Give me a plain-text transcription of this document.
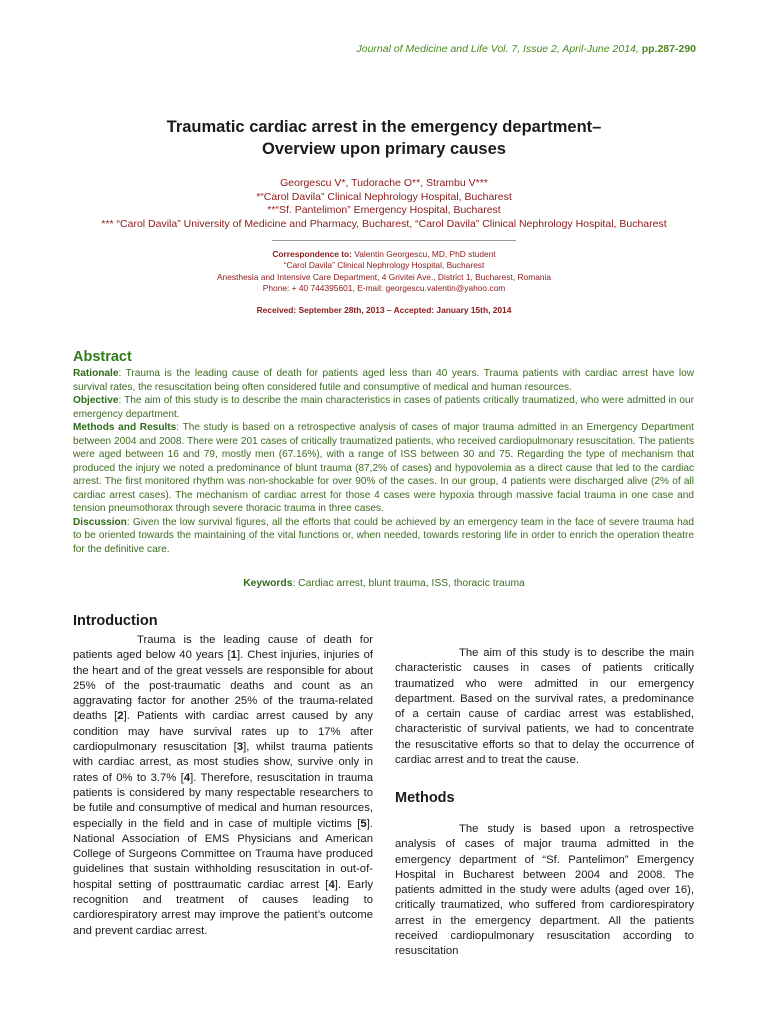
Journal of Medicine and Life Vol. 7, Issue 2, April-June 2014, pp.287-290
Traumatic cardiac arrest in the emergency department–
Overview upon primary causes
Georgescu V*, Tudorache O**, Strambu V***
*“Carol Davila” Clinical Nephrology Hospital, Bucharest
**“Sf. Pantelimon” Emergency Hospital, Bucharest
*** “Carol Davila” University of Medicine and Pharmacy, Bucharest, “Carol Davila” Clinical Nephrology Hospital, Bucharest
Correspondence to: Valentin Georgescu, MD, PhD student
“Carol Davila” Clinical Nephrology Hospital, Bucharest
Anesthesia and Intensive Care Department, 4 Grivitei Ave., District 1, Bucharest, Romania
Phone: + 40 744395601, E-mail: georgescu.valentin@yahoo.com
Received: September 28th, 2013 – Accepted: January 15th, 2014
Abstract

Rationale: Trauma is the leading cause of death for patients aged less than 40 years. Trauma patients with cardiac arrest have low survival rates, the resuscitation being often considered futile and consumptive of medical and human resources.

Objective: The aim of this study is to describe the main characteristics in cases of patients critically traumatized, who were admitted in our emergency department.

Methods and Results: The study is based on a retrospective analysis of cases of major trauma admitted in an Emergency Department between 2004 and 2008. There were 201 cases of critically traumatized patients, who received cardiopulmonary resuscitation. The patients were aged between 16 and 79, mostly men (67.16%), with a range of ISS between 30 and 75. Regarding the type of mechanism that produced the injury we noted a predominance of blunt trauma (87,2% of cases) and hypovolemia as a direct cause that led to the cardiac arrest. The first monitored rhythm was non-shockable for over 90% of the cases. In our group, 4 patients were discharged alive (2% of all cardiac arrest cases). The mechanism of cardiac arrest for those 4 cases were hypoxia through massive facial trauma in one case and tension pneumothorax through severe thoracic trauma in three cases.

Discussion: Given the low survival figures, all the efforts that could be achieved by an emergency team in the face of severe trauma had to be oriented towards the maintaining of the vital functions or, when needed, towards restoring life in order to enrich the operation theatre for the definitive care.

Keywords: Cardiac arrest, blunt trauma, ISS, thoracic trauma
Introduction

Trauma is the leading cause of death for patients aged below 40 years [1]. Chest injuries, injuries of the heart and of the great vessels are responsible for about 25% of the post-traumatic deaths and count as an aggravating factor for another 25% of the trauma-related deaths [2]. Patients with cardiac arrest caused by any condition may have survival rates up to 17% after cardiopulmonary resuscitation [3], whilst trauma patients with cardiac arrest, as most studies show, survive only in rates of 0% to 3.7% [4]. Therefore, resuscitation in trauma patients is considered by many respectable researchers to be futile and consumptive of medical and human resources, especially in the field and in case of multiple victims [5]. National Association of EMS Physicians and American College of Surgeons Committee on Trauma have produced guidelines that sustain withholding resuscitation in out-of-hospital setting of posttraumatic cardiac arrest [4]. Early recognition and treatment of causes leading to cardiorespiratory arrest may improve the patient’s outcome and prevent cardiac arrest.

The aim of this study is to describe the main characteristic causes in cases of patients critically traumatized who were admitted in our emergency department. Based on the survival rates, a predominance of a certain cause of cardiac arrest was established, characteristic of survival patients, we had to concentrate the resuscitative efforts so that to delay the occurrence of cardiac arrest and to treat the cause.

Methods

The study is based upon a retrospective analysis of cases of major trauma admitted in the emergency department of “Sf. Pantelimon” Emergency Hospital in Bucharest between 2004 and 2008. The patients admitted in the study were adults (aged over 16), critically traumatized, who suffered from cardiorespiratory arrest in the emergency department. All the patients received cardiopulmonary resuscitation according to resuscitation
